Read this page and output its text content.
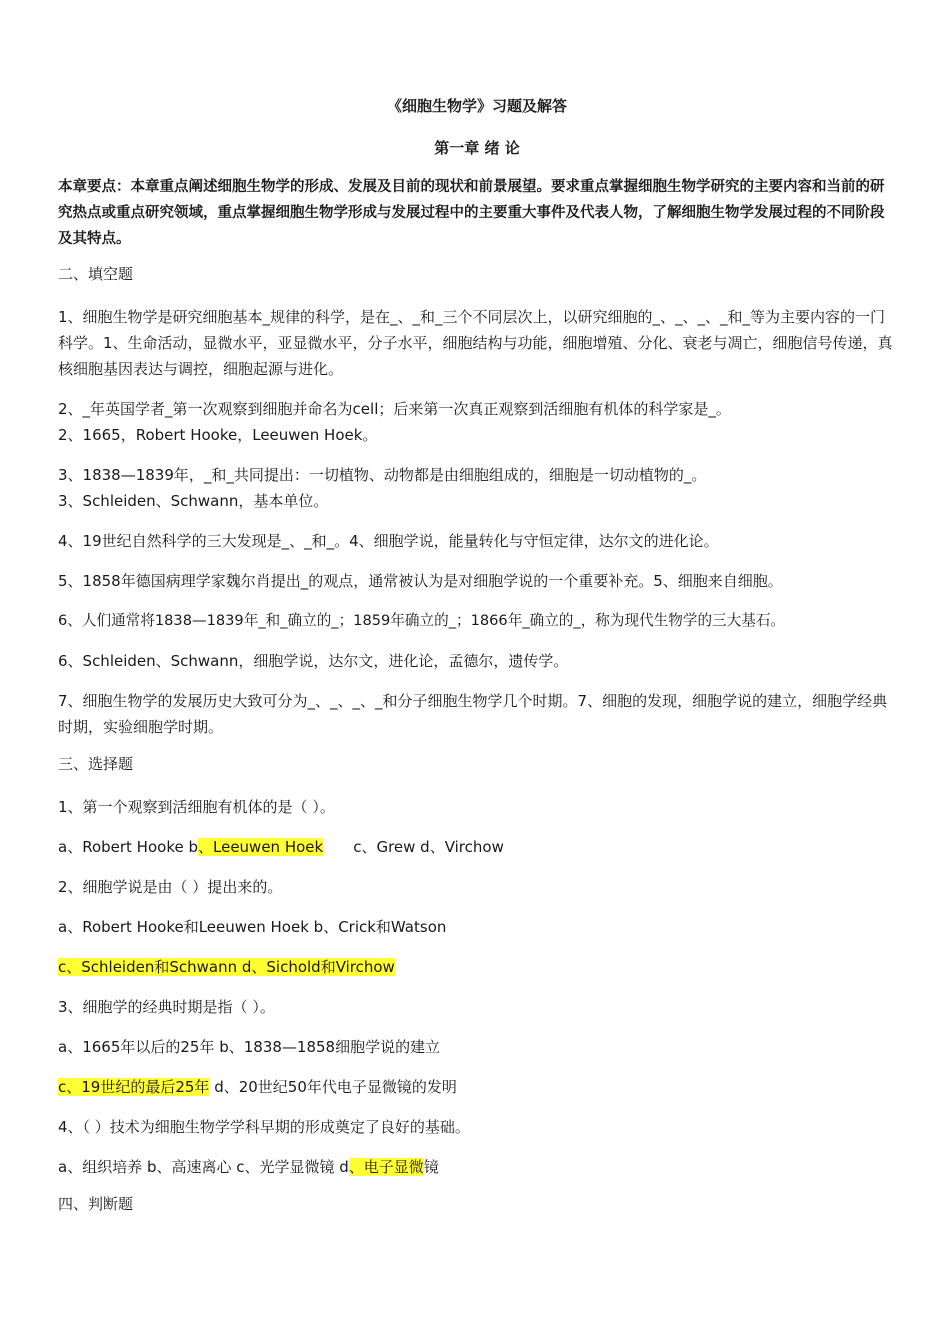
《细胞生物学》习题及解答
第一章 绪 论
本章要点：本章重点阐述细胞生物学的形成、发展及目前的现状和前景展望。要求重点掌握细胞生物学研究的主要内容和当前的研究热点或重点研究领域，重点掌握细胞生物学形成与发展过程中的主要重大事件及代表人物，了解细胞生物学发展过程的不同阶段及其特点。
二、填空题
1、细胞生物学是研究细胞基本_规律的科学，是在_、_和_三个不同层次上，以研究细胞的_、_、_、_和_等为主要内容的一门科学。1、生命活动，显微水平，亚显微水平，分子水平，细胞结构与功能，细胞增殖、分化、衰老与凋亡，细胞信号传递，真核细胞基因表达与调控，细胞起源与进化。
2、_年英国学者_第一次观察到细胞并命名为cell；后来第一次真正观察到活细胞有机体的科学家是_。
2、1665，Robert Hooke，Leeuwen Hoek。
3、1838—1839年，_和_共同提出：一切植物、动物都是由细胞组成的，细胞是一切动植物的_。
3、Schleiden、Schwann，基本单位。
4、19世纪自然科学的三大发现是_、_和_。4、细胞学说，能量转化与守恒定律，达尔文的进化论。
5、1858年德国病理学家魏尔肖提出_的观点，通常被认为是对细胞学说的一个重要补充。5、细胞来自细胞。
6、人们通常将1838—1839年_和_确立的_；1859年确立的_；1866年_确立的_，称为现代生物学的三大基石。
6、Schleiden、Schwann，细胞学说，达尔文，进化论，孟德尔，遗传学。
7、细胞生物学的发展历史大致可分为_、_、_、_和分子细胞生物学几个时期。7、细胞的发现，细胞学说的建立，细胞学经典时期，实验细胞学时期。
三、选择题
1、第一个观察到活细胞有机体的是（ ）。
a、Robert Hooke b、Leeuwen Hoek c、Grew d、Virchow
2、细胞学说是由（ ）提出来的。
a、Robert Hooke和Leeuwen Hoek b、Crick和Watson
c、Schleiden和Schwann d、Sichold和Virchow
3、细胞学的经典时期是指（ ）。
a、1665年以后的25年 b、1838—1858细胞学说的建立
c、19世纪的最后25年 d、20世纪50年代电子显微镜的发明
4、（ ）技术为细胞生物学学科早期的形成奠定了良好的基础。
a、组织培养 b、高速离心 c、光学显微镜 d、电子显微镜
四、判断题
